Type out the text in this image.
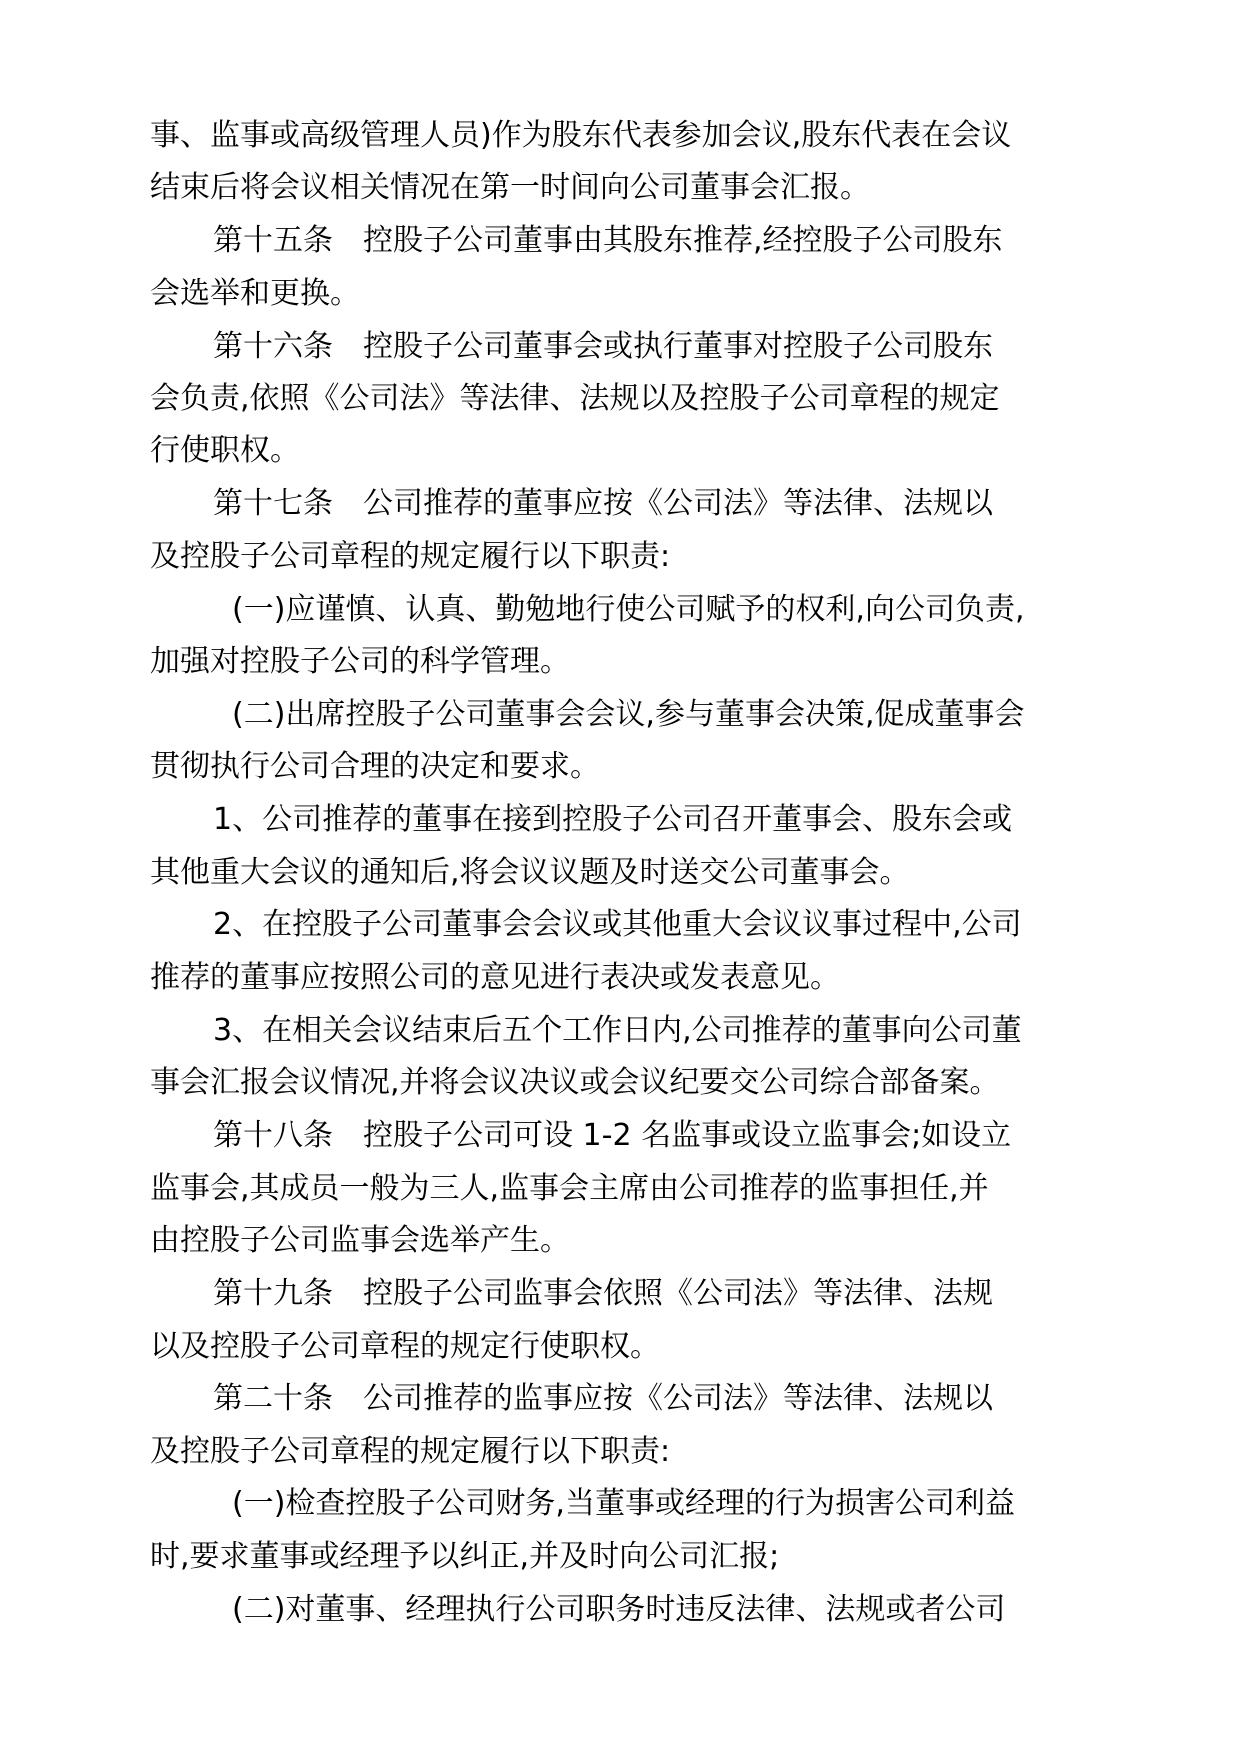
事、监事或高级管理人员)作为股东代表参加会议,股东代表在会议
结束后将会议相关情况在第一时间向公司董事会汇报。
第十五条　控股子公司董事由其股东推荐,经控股子公司股东
会选举和更换。
第十六条　控股子公司董事会或执行董事对控股子公司股东
会负责,依照《公司法》等法律、法规以及控股子公司章程的规定
行使职权。
第十七条　公司推荐的董事应按《公司法》等法律、法规以
及控股子公司章程的规定履行以下职责:
(一)应谨慎、认真、勤勉地行使公司赋予的权利,向公司负责,
加强对控股子公司的科学管理。
(二)出席控股子公司董事会会议,参与董事会决策,促成董事会
贯彻执行公司合理的决定和要求。
1、公司推荐的董事在接到控股子公司召开董事会、股东会或
其他重大会议的通知后,将会议议题及时送交公司董事会。
2、在控股子公司董事会会议或其他重大会议议事过程中,公司
推荐的董事应按照公司的意见进行表决或发表意见。
3、在相关会议结束后五个工作日内,公司推荐的董事向公司董
事会汇报会议情况,并将会议决议或会议纪要交公司综合部备案。
第十八条　控股子公司可设 1-2 名监事或设立监事会;如设立
监事会,其成员一般为三人,监事会主席由公司推荐的监事担任,并
由控股子公司监事会选举产生。
第十九条　控股子公司监事会依照《公司法》等法律、法规
以及控股子公司章程的规定行使职权。
第二十条　公司推荐的监事应按《公司法》等法律、法规以
及控股子公司章程的规定履行以下职责:
(一)检查控股子公司财务,当董事或经理的行为损害公司利益
时,要求董事或经理予以纠正,并及时向公司汇报;
(二)对董事、经理执行公司职务时违反法律、法规或者公司
